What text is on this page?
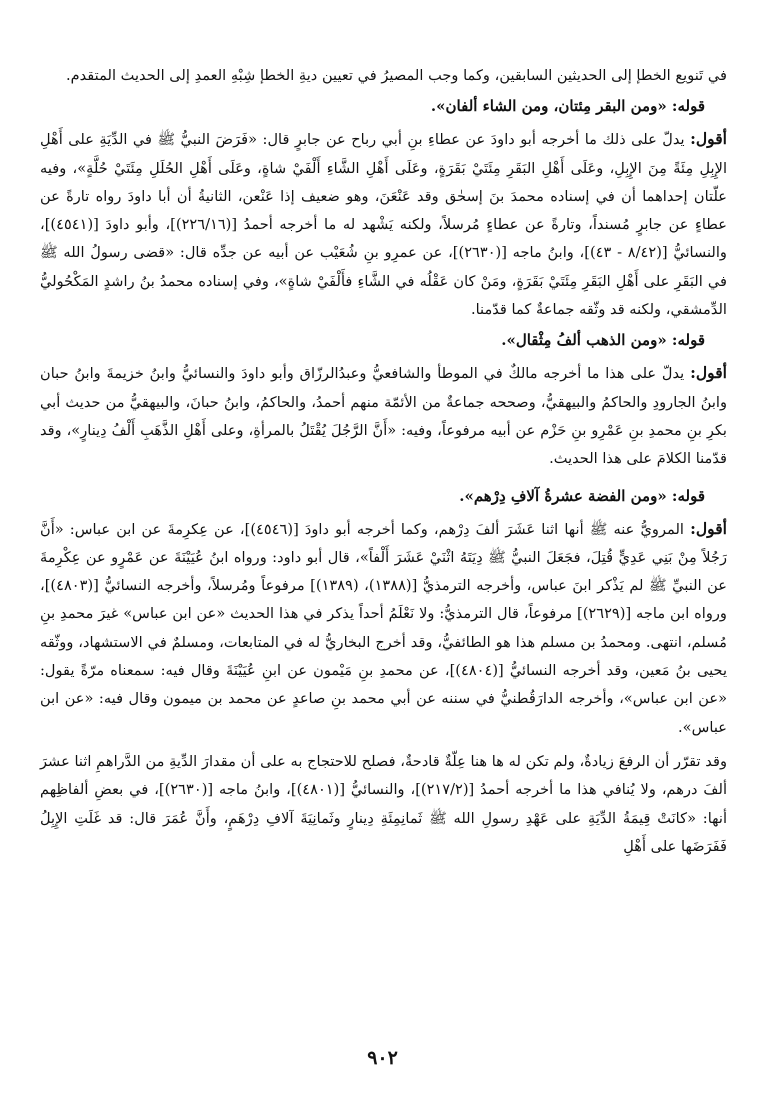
في تَنويع الخطإ إلى الحديثين السابقين، وكما وجب المصيرُ في تعيين ديةِ الخطإ شِبْهِ العمدِ إلى الحديث المتقدم.

قوله: «ومن البقر مِئتان، ومن الشاء ألفان».

أقول: يدلّ على ذلك ما أخرجه أبو داودَ عن عطاءِ بنِ أبي رباح عن جابرٍ قال: «فَرَضَ النبيُّ ﷺ في الدِّيَةِ على أَهْلِ الإِبِلِ مِئَةً مِنَ الإِبِلِ، وعَلَى أَهْلِ البَقَرِ مِئَتَيْ بَقَرَةٍ، وعَلَى أَهْلِ الشَّاءِ أَلْفَيْ شاةٍ، وعَلَى أَهْلِ الحُلَلِ مِئَتَيْ حُلَّةٍ»، وفيه علّتان إحداهما أن في إسناده محمدَ بنَ إسحٰق وقد عَنْعَنَ، وهو ضعيف إذا عَنْعن، الثانيةُ أن أبا داودَ رواه تارةً عن عطاءٍ عن جابرٍ مُسنداً، وتارةً عن عطاءٍ مُرسلاً، ولكنه يَشْهد له ما أخرجه أحمدُ [(٢٢٦/١٦)]، وأبو داودَ [(٤٥٤١)]، والنسائيُّ [(٨/٤٢ - ٤٣)]، وابنُ ماجه [(٢٦٣٠)]، عن عمرِو بنِ شُعَيْب عن أبيه عن جدِّه قال: «قضى رسولُ الله ﷺ في البَقَرِ على أَهْلِ البَقَرِ مِئَتَيْ بَقَرَةٍ، ومَنْ كان عَقْلُه في الشَّاءِ فأَلْفَيْ شاةٍ»، وفي إسناده محمدُ بنُ راشدٍ المَكْحُوليُّ الدِّمشقي، ولكنه قد وثّقه جماعةٌ كما قدّمنا.

قوله: «ومن الذهب ألفُ مِثْقال».

أقول: يدلّ على هذا ما أخرجه مالكٌ في الموطأ والشافعيُّ وعبدُالرزّاق وأبو داودَ والنسائيُّ وابنُ خزيمةَ وابنُ حبان وابنُ الجارودِ والحاكمُ والبيهقيُّ، وصححه جماعةٌ من الأئمّة منهم أحمدُ، والحاكمُ، وابنُ حبانَ، والبيهقيُّ من حديث أبي بكرِ بنِ محمدِ بنِ عَمْرِو بنِ حَزْم عن أبيه مرفوعاً، وفيه: «أَنَّ الرَّجُلَ يُقْتَلُ بالمرأةِ، وعلى أَهْلِ الذَّهَبِ أَلْفُ دِينارٍ»، وقد قدّمنا الكلامَ على هذا الحديث.

قوله: «ومن الفضة عشرةُ آلافِ دِرْهم».

أقول: المرويُّ عنه ﷺ أنها اثنا عَشَرَ ألفَ دِرْهم، وكما أخرجه أبو داودَ [(٤٥٤٦)]، عن عِكرِمةَ عن ابن عباس: «أَنَّ رَجُلاً مِنْ بَنِي عَدِيٍّ قُتِلَ، فجَعَلَ النبيُّ ﷺ دِيَتَهُ اثْنَيْ عَشَرَ أَلْفاً»، قال أبو داود: ورواه ابنُ عُيَيْنَةَ عن عَمْرٍو عن عِكْرِمةَ عن النبيِّ ﷺ لم يَذْكر ابنَ عباس، وأخرجه الترمذيُّ [(١٣٨٨)، (١٣٨٩)] مرفوعاً ومُرسلاً، وأخرجه النسائيُّ [(٤٨٠٣)]، ورواه ابن ماجه [(٢٦٢٩)] مرفوعاً، قال الترمذيُّ: ولا نَعْلَمُ أحداً يذكر في هذا الحديث «عن ابن عباس» غيرَ محمدِ بنِ مُسلم، انتهى. ومحمدُ بن مسلم هذا هو الطائفيُّ، وقد أخرج البخاريُّ له في المتابعات، ومسلمٌ في الاستشهاد، ووثّقه يحيى بنُ مَعين، وقد أخرجه النسائيُّ [(٤٨٠٤)]، عن محمدِ بنِ مَيْمون عن ابنِ عُيَيْنَةَ وقال فيه: سمعناه مرّةً يقول: «عن ابن عباس»، وأخرجه الدارَقُطنيُّ في سننه عن أبي محمد بنِ صاعدٍ عن محمد بن ميمون وقال فيه: «عن ابن عباس».

وقد تقرّر أن الرفعَ زيادةٌ، ولم تكن له ها هنا عِلّةٌ قادحةٌ، فصلح للاحتجاج به على أن مقدارَ الدِّيةِ من الدَّراهمِ اثنا عشرَ ألفَ درهم، ولا يُنافي هذا ما أخرجه أحمدُ [(٢١٧/٢)]، والنسائيُّ [(٤٨٠١)]، وابنُ ماجه [(٢٦٣٠)]، في بعضِ ألفاظِهم أنها: «كانَتْ قِيمَةُ الدِّيَةِ على عَهْدِ رسولِ الله ﷺ ثَمانِمِئَةِ دِينارٍ وثَمانِيَةَ آلافِ دِرْهَمٍ، وأَنَّ عُمَرَ قال: قد غَلَتِ الإِبِلُ فَفَرَضَها على أَهْلِ

٩٠٢
